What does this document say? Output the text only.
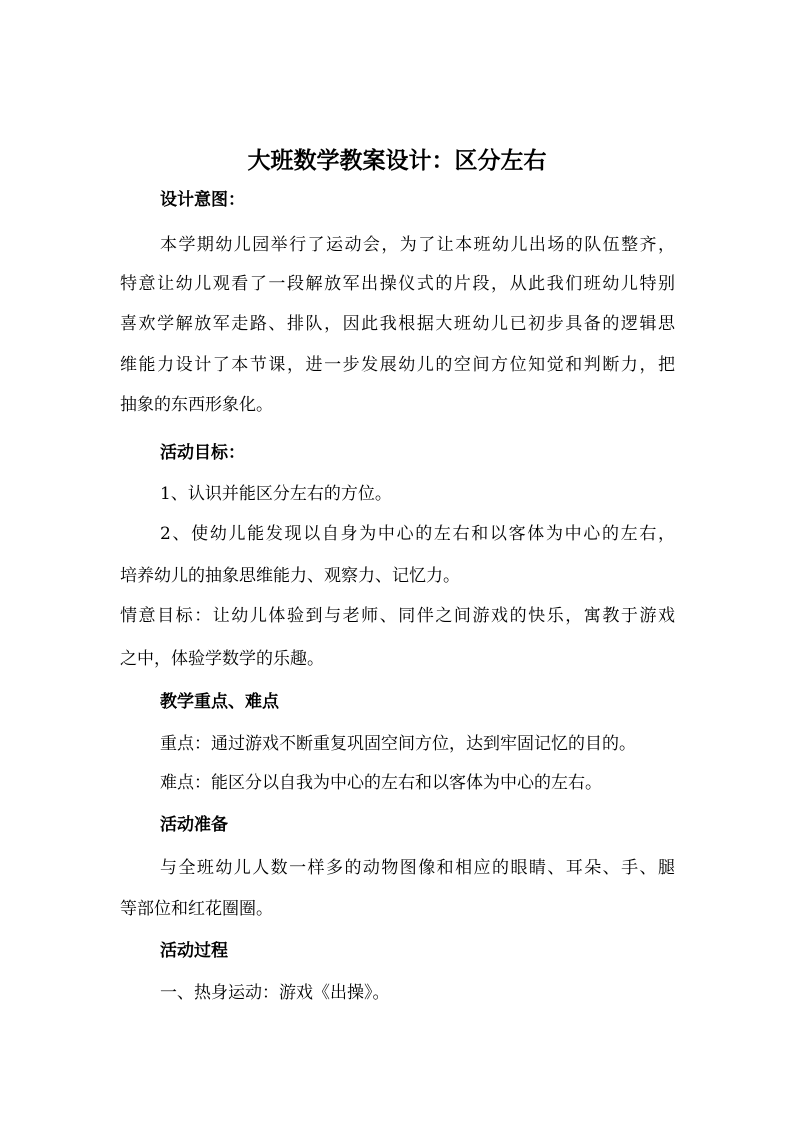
大班数学教案设计：区分左右
设计意图：
本学期幼儿园举行了运动会，为了让本班幼儿出场的队伍整齐，
特意让幼儿观看了一段解放军出操仪式的片段，从此我们班幼儿特别
喜欢学解放军走路、排队，因此我根据大班幼儿已初步具备的逻辑思
维能力设计了本节课，进一步发展幼儿的空间方位知觉和判断力，把
抽象的东西形象化。
活动目标：
1、认识并能区分左右的方位。
2、使幼儿能发现以自身为中心的左右和以客体为中心的左右，
培养幼儿的抽象思维能力、观察力、记忆力。
情意目标：让幼儿体验到与老师、同伴之间游戏的快乐，寓教于游戏
之中，体验学数学的乐趣。
教学重点、难点
重点：通过游戏不断重复巩固空间方位，达到牢固记忆的目的。
难点：能区分以自我为中心的左右和以客体为中心的左右。
活动准备
与全班幼儿人数一样多的动物图像和相应的眼睛、耳朵、手、腿
等部位和红花圈圈。
活动过程
一、热身运动：游戏《出操》。
